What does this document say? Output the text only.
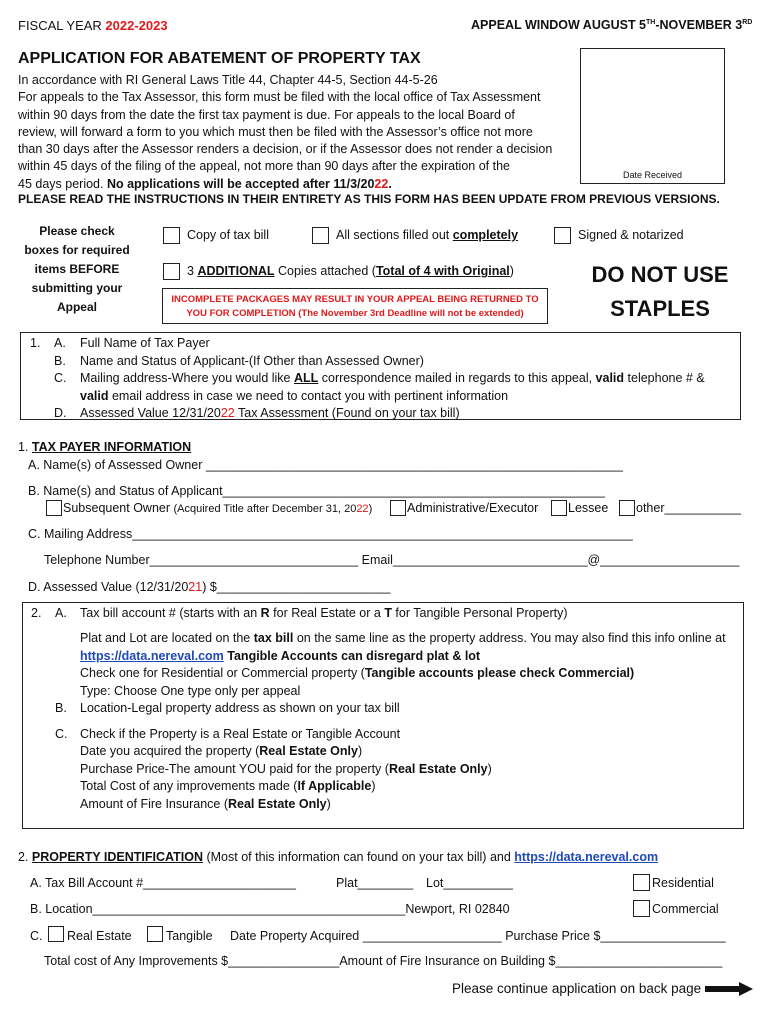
FISCAL YEAR 2022-2023	APPEAL WINDOW AUGUST 5TH-NOVEMBER 3RD
APPLICATION FOR ABATEMENT OF PROPERTY TAX
In accordance with RI General Laws Title 44, Chapter 44-5, Section 44-5-26
For appeals to the Tax Assessor, this form must be filed with the local office of Tax Assessment
within 90 days from the date the first tax payment is due. For appeals to the local Board of
review, will forward a form to you which must then be filed with the Assessor’s office not more
than 30 days after the Assessor renders a decision, or if the Assessor does not render a decision
within 45 days of the filing of the appeal, not more than 90 days after the expiration of the
45 days period. No applications will be accepted after 11/3/2022.
PLEASE READ THE INSTRUCTIONS IN THEIR ENTIRETY AS THIS FORM HAS BEEN UPDATE FROM PREVIOUS VERSIONS.
Date Received
Please check
boxes for required
items BEFORE
submitting your
Appeal
Copy of tax bill	All sections filled out completely	Signed & notarized
3 ADDITIONAL Copies attached (Total of 4 with Original)
INCOMPLETE PACKAGES MAY RESULT IN YOUR APPEAL BEING RETURNED TO
YOU FOR COMPLETION (The November 3rd Deadline will not be extended)
DO NOT USE
STAPLES
1. A. Full Name of Tax Payer
B. Name and Status of Applicant-(If Other than Assessed Owner)
C. Mailing address-Where you would like ALL correspondence mailed in regards to this appeal, valid telephone # &
valid email address in case we need to contact you with pertinent information
D. Assessed Value 12/31/2022 Tax Assessment (Found on your tax bill)
1. TAX PAYER INFORMATION
A. Name(s) of Assessed Owner ____________________________________________________________
B. Name(s) and Status of Applicant_______________________________________________________
Subsequent Owner (Acquired Title after December 31, 2022)	Administrative/Executor Lessee other___________
C. Mailing Address________________________________________________________________________
Telephone Number______________________________ Email____________________________@____________________
D. Assessed Value (12/31/2021) $_________________________
2. A. Tax bill account # (starts with an R for Real Estate or a T for Tangible Personal Property)
Plat and Lot are located on the tax bill on the same line as the property address. You may also find this info online at
https://data.nereval.com Tangible Accounts can disregard plat & lot
Check one for Residential or Commercial property (Tangible accounts please check Commercial)
Type: Choose One type only per appeal
B. Location-Legal property address as shown on your tax bill
C. Check if the Property is a Real Estate or Tangible Account
Date you acquired the property (Real Estate Only)
Purchase Price-The amount YOU paid for the property (Real Estate Only)
Total Cost of any improvements made (If Applicable)
Amount of Fire Insurance (Real Estate Only)
2. PROPERTY IDENTIFICATION (Most of this information can found on your tax bill) and https://data.nereval.com
A. Tax Bill Account #______________________	Plat________ Lot__________	Residential
B. Location_____________________________________________Newport, RI 02840	Commercial
C. Real Estate	Tangible Date Property Acquired ____________________ Purchase Price $__________________
Total cost of Any Improvements $________________Amount of Fire Insurance on Building $________________________
Please continue application on back page
